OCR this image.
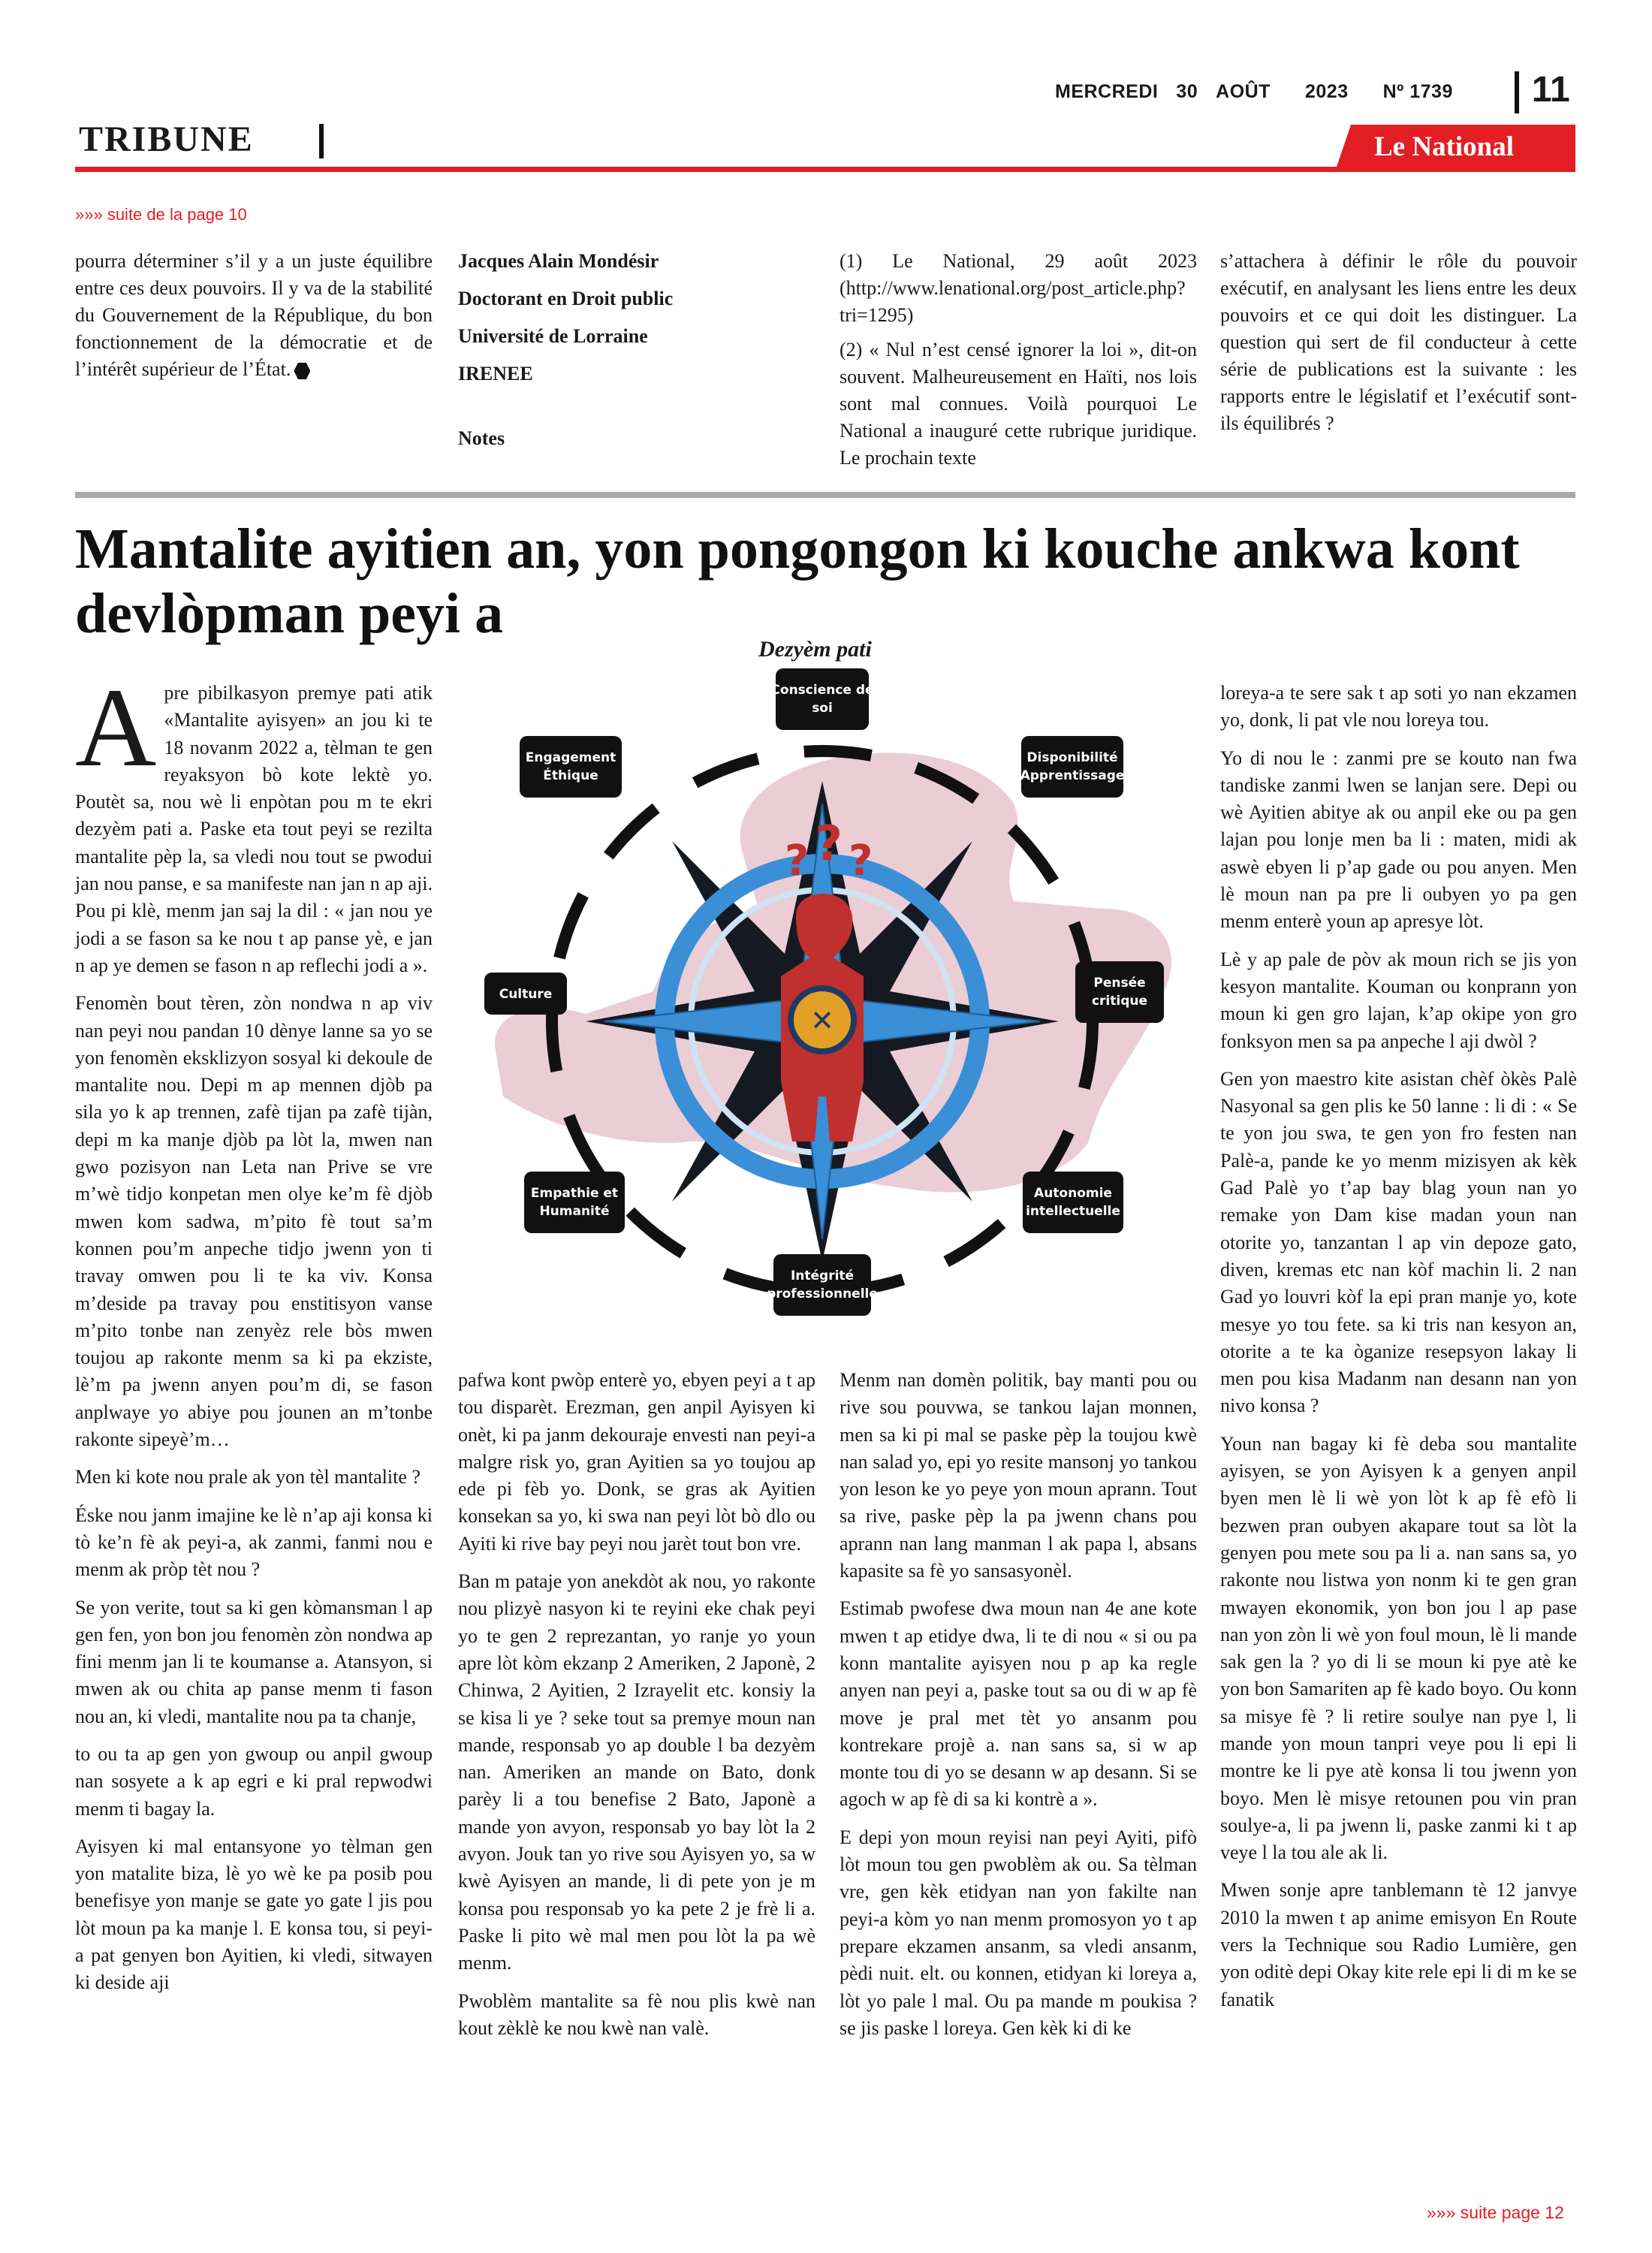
MERCREDI 30 AOÛT 2023 Nº 1739	11
TRIBUNE	Le National
»»» suite de la page 10

pourra déterminer s’il y a un juste équilibre entre ces deux pouvoirs. Il y va de la stabilité du Gouvernement de la République, du bon fonctionnement de la démocratie et de l’intérêt supérieur de l’État.

Jacques Alain Mondésir
Doctorant en Droit public
Université de Lorraine
IRENEE
Notes

(1) Le National, 29 août 2023 (http://www.lenational.org/post_article.php?tri=1295)

(2) « Nul n’est censé ignorer la loi », dit-on souvent. Malheureusement en Haïti, nos lois sont mal connues. Voilà pourquoi Le National a inauguré cette rubrique juridique. Le prochain texte

s’attachera à définir le rôle du pouvoir exécutif, en analysant les liens entre les deux pouvoirs et ce qui doit les distinguer. La question qui sert de fil conducteur à cette série de publications est la suivante : les rapports entre le législatif et l’exécutif sont-ils équilibrés ?

Mantalite ayitien an, yon pongongon ki kouche ankwa kont devlòpman peyi a
Dezyèm pati

Apre pibilkasyon premye pati atik «Mantalite ayisyen» an jou ki te 18 novanm 2022 a, tèlman te gen reyaksyon bò kote lektè yo. Poutèt sa, nou wè li enpòtan pou m te ekri dezyèm pati a. Paske eta tout peyi se rezilta mantalite pèp la, sa vledi nou tout se pwodui jan nou panse, e sa manifeste nan jan n ap aji. Pou pi klè, menm jan saj la dil : « jan nou ye jodi a se fason sa ke nou t ap panse yè, e jan n ap ye demen se fason n ap reflechi jodi a ».

Fenomèn bout tèren, zòn nondwa n ap viv nan peyi nou pandan 10 dènye lanne sa yo se yon fenomèn eksklizyon sosyal ki dekoule de mantalite nou. Depi m ap mennen djòb pa sila yo k ap trennen, zafè tijan pa zafè tijàn, depi m ka manje djòb pa lòt la, mwen nan gwo pozisyon nan Leta nan Prive se vre m’wè tidjo konpetan men olye ke’m fè djòb mwen kom sadwa, m’pito fè tout sa’m konnen pou’m anpeche tidjo jwenn yon ti travay omwen pou li te ka viv. Konsa m’deside pa travay pou enstitisyon vanse m’pito tonbe nan zenyèz rele bòs mwen toujou ap rakonte menm sa ki pa ekziste, lè’m pa jwenn anyen pou’m di, se fason anplwaye yo abiye pou jounen an m’tonbe rakonte sipeyè’m…

Men ki kote nou prale ak yon tèl mantalite ?

Éske nou janm imajine ke lè n’ap aji konsa ki tò ke’n fè ak peyi-a, ak zanmi, fanmi nou e menm ak pròp tèt nou ?

Se yon verite, tout sa ki gen kòmansman l ap gen fen, yon bon jou fenomèn zòn nondwa ap fini menm jan li te koumanse a. Atansyon, si mwen ak ou chita ap panse menm ti fason nou an, ki vledi, mantalite nou pa ta chanje,

to ou ta ap gen yon gwoup ou anpil gwoup nan sosyete a k ap egri e ki pral repwodwi menm ti bagay la.

Ayisyen ki mal entansyone yo tèlman gen yon matalite biza, lè yo wè ke pa posib pou benefisye yon manje se gate yo gate l jis pou lòt moun pa ka manje l. E konsa tou, si peyi-a pat genyen bon Ayitien, ki vledi, sitwayen ki deside aji

pafwa kont pwòp enterè yo, ebyen peyi a t ap tou disparèt. Erezman, gen anpil Ayisyen ki onèt, ki pa janm dekouraje envesti nan peyi-a malgre risk yo, gran Ayitien sa yo toujou ap ede pi fèb yo. Donk, se gras ak Ayitien konsekan sa yo, ki swa nan peyi lòt bò dlo ou Ayiti ki rive bay peyi nou jarèt tout bon vre.

Ban m pataje yon anekdòt ak nou, yo rakonte nou plizyè nasyon ki te reyini eke chak peyi yo te gen 2 reprezantan, yo ranje yo youn apre lòt kòm ekzanp 2 Ameriken, 2 Japonè, 2 Chinwa, 2 Ayitien, 2 Izrayelit etc. konsiy la se kisa li ye ? seke tout sa premye moun nan mande, responsab yo ap double l ba dezyèm nan. Ameriken an mande on Bato, donk parèy li a tou benefise 2 Bato, Japonè a mande yon avyon, responsab yo bay lòt la 2 avyon. Jouk tan yo rive sou Ayisyen yo, sa w kwè Ayisyen an mande, li di pete yon je m konsa pou responsab yo ka pete 2 je frè li a. Paske li pito wè mal men pou lòt la pa wè menm.

Pwoblèm mantalite sa fè nou plis kwè nan kout zèklè ke nou kwè nan valè.

Menm nan domèn politik, bay manti pou ou rive sou pouvwa, se tankou lajan monnen, men sa ki pi mal se paske pèp la toujou kwè nan salad yo, epi yo resite mansonj yo tankou yon leson ke yo peye yon moun aprann. Tout sa rive, paske pèp la pa jwenn chans pou aprann nan lang manman l ak papa l, absans kapasite sa fè yo sansasyonèl.

Estimab pwofese dwa moun nan 4e ane kote mwen t ap etidye dwa, li te di nou « si ou pa konn mantalite ayisyen nou p ap ka regle anyen nan peyi a, paske tout sa ou di w ap fè move je pral met tèt yo ansanm pou kontrekare projè a. nan sans sa, si w ap monte tou di yo se desann w ap desann. Si se agoch w ap fè di sa ki kontrè a ».

E depi yon moun reyisi nan peyi Ayiti, pifò lòt moun tou gen pwoblèm ak ou. Sa tèlman vre, gen kèk etidyan nan yon fakilte nan peyi-a kòm yo nan menm promosyon yo t ap prepare ekzamen ansanm, sa vledi ansanm, pèdi nuit. elt. ou konnen, etidyan ki loreya a, lòt yo pale l mal. Ou pa mande m poukisa ? se jis paske l loreya. Gen kèk ki di ke

loreya-a te sere sak t ap soti yo nan ekzamen yo, donk, li pat vle nou loreya tou.

Yo di nou le : zanmi pre se kouto nan fwa tandiske zanmi lwen se lanjan sere. Depi ou wè Ayitien abitye ak ou anpil eke ou pa gen lajan pou lonje men ba li : maten, midi ak aswè ebyen li p’ap gade ou pou anyen. Men lè moun nan pa pre li oubyen yo pa gen menm enterè youn ap apresye lòt.

Lè y ap pale de pòv ak moun rich se jis yon kesyon mantalite. Kouman ou konprann yon moun ki gen gro lajan, k’ap okipe yon gro fonksyon men sa pa anpeche l aji dwòl ?

Gen yon maestro kite asistan chèf òkès Palè Nasyonal sa gen plis ke 50 lanne : li di : « Se te yon jou swa, te gen yon fro festen nan Palè-a, pande ke yo menm mizisyen ak kèk Gad Palè yo t’ap bay blag youn nan yo remake yon Dam kise madan youn nan otorite yo, tanzantan l ap vin depoze gato, diven, kremas etc nan kòf machin li. 2 nan Gad yo louvri kòf la epi pran manje yo, kote mesye yo tou fete. sa ki tris nan kesyon an, otorite a te ka òganize resepsyon lakay li men pou kisa Madanm nan desann nan yon nivo konsa ?

Youn nan bagay ki fè deba sou mantalite ayisyen, se yon Ayisyen k a genyen anpil byen men lè li wè yon lòt k ap fè efò li bezwen pran oubyen akapare tout sa lòt la genyen pou mete sou pa li a. nan sans sa, yo rakonte nou listwa yon nonm ki te gen gran mwayen ekonomik, yon bon jou l ap pase nan yon zòn li wè yon foul moun, lè li mande sak gen la ? yo di li se moun ki pye atè ke yon bon Samariten ap fè kado boyo. Ou konn sa misye fè ? li retire soulye nan pye l, li mande yon moun tanpri veye pou li epi li montre ke li pye atè konsa li tou jwenn yon boyo. Men lè misye retounen pou vin pran soulye-a, li pa jwenn li, paske zanmi ki t ap veye l la tou ale ak li.

Mwen sonje apre tanblemann tè 12 janvye 2010 la mwen t ap anime emisyon En Route vers la Technique sou Radio Lumière, gen yon oditè depi Okay kite rele epi li di m ke se fanatik

»»» suite page 12
? ? ?
✕
Conscience de soi
Disponibilité Apprentissage
Pensée critique
Autonomie intellectuelle
Intégrité professionnelle
Empathie et Humanité
Culture
Engagement Éthique
